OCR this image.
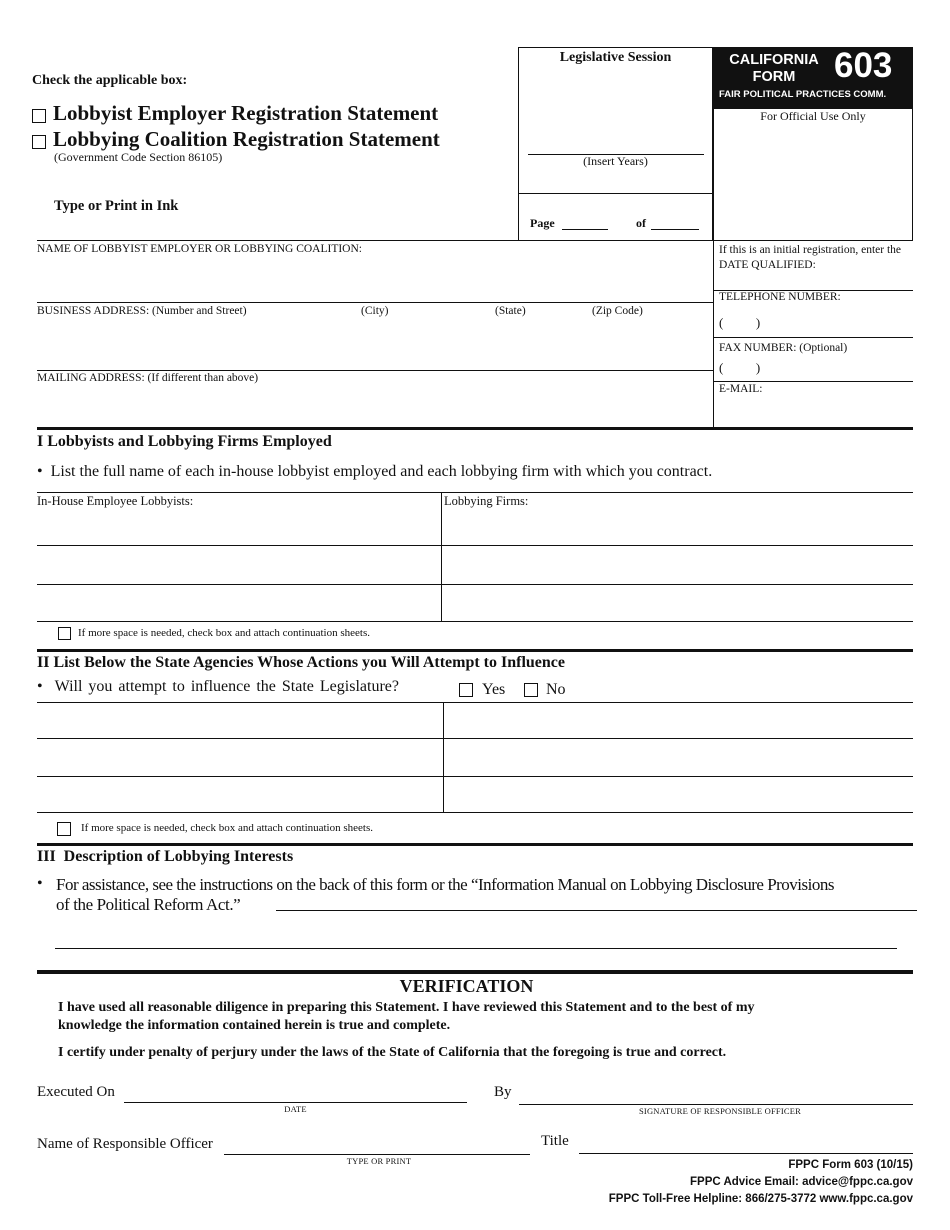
Check the applicable box:
Lobbyist Employer Registration Statement
Lobbying Coalition Registration Statement
(Government Code Section 86105)
Type or Print in Ink
Legislative Session
(Insert Years)
Page	of
CALIFORNIA
FORM	603
FAIR POLITICAL PRACTICES COMM.
For Official Use Only
NAME OF LOBBYIST EMPLOYER OR LOBBYING COALITION:
BUSINESS ADDRESS: (Number and Street)	(City)	(State)	(Zip Code)
MAILING ADDRESS: (If different than above)
If this is an initial registration, enter the DATE QUALIFIED:
TELEPHONE NUMBER:
(          )
FAX NUMBER: (Optional)
(          )
E-MAIL:
I Lobbyists and Lobbying Firms Employed
• List the full name of each in-house lobbyist employed and each lobbying firm with which you contract.
In-House Employee Lobbyists:	Lobbying Firms:
If more space is needed, check box and attach continuation sheets.
II List Below the State Agencies Whose Actions you Will Attempt to Influence
• Will you attempt to influence the State Legislature?	Yes	No
If more space is needed, check box and attach continuation sheets.
III  Description of Lobbying Interests
• For assistance, see the instructions on the back of this form or the “Information Manual on Lobbying Disclosure Provisions
of the Political Reform Act.”
VERIFICATION
I have used all reasonable diligence in preparing this Statement. I have reviewed this Statement and to the best of my
knowledge the information contained herein is true and complete.
I certify under penalty of perjury under the laws of the State of California that the foregoing is true and correct.
Executed On
DATE
By
SIGNATURE OF RESPONSIBLE OFFICER
Name of Responsible Officer
TYPE OR PRINT
Title
FPPC Form 603 (10/15)
FPPC Advice Email: advice@fppc.ca.gov
FPPC Toll-Free Helpline: 866/275-3772 www.fppc.ca.gov
